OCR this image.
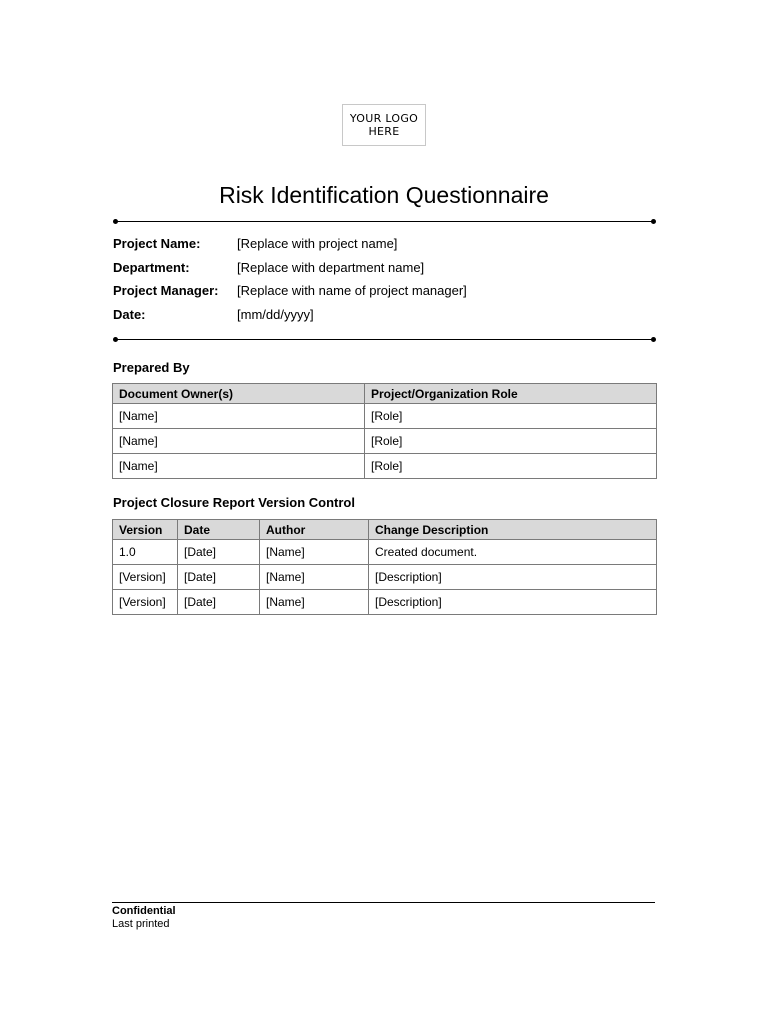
YOUR LOGO
HERE
Risk Identification Questionnaire
Project Name:	[Replace with project name]
Department:	[Replace with department name]
Project Manager:	[Replace with name of project manager]
Date:	[mm/dd/yyyy]
Prepared By
Document Owner(s)	Project/Organization Role
[Name]	[Role]
[Name]	[Role]
[Name]	[Role]
Project Closure Report Version Control
Version	Date	Author	Change Description
1.0	[Date]	[Name]	Created document.
[Version]	[Date]	[Name]	[Description]
[Version]	[Date]	[Name]	[Description]
Confidential
Last printed
